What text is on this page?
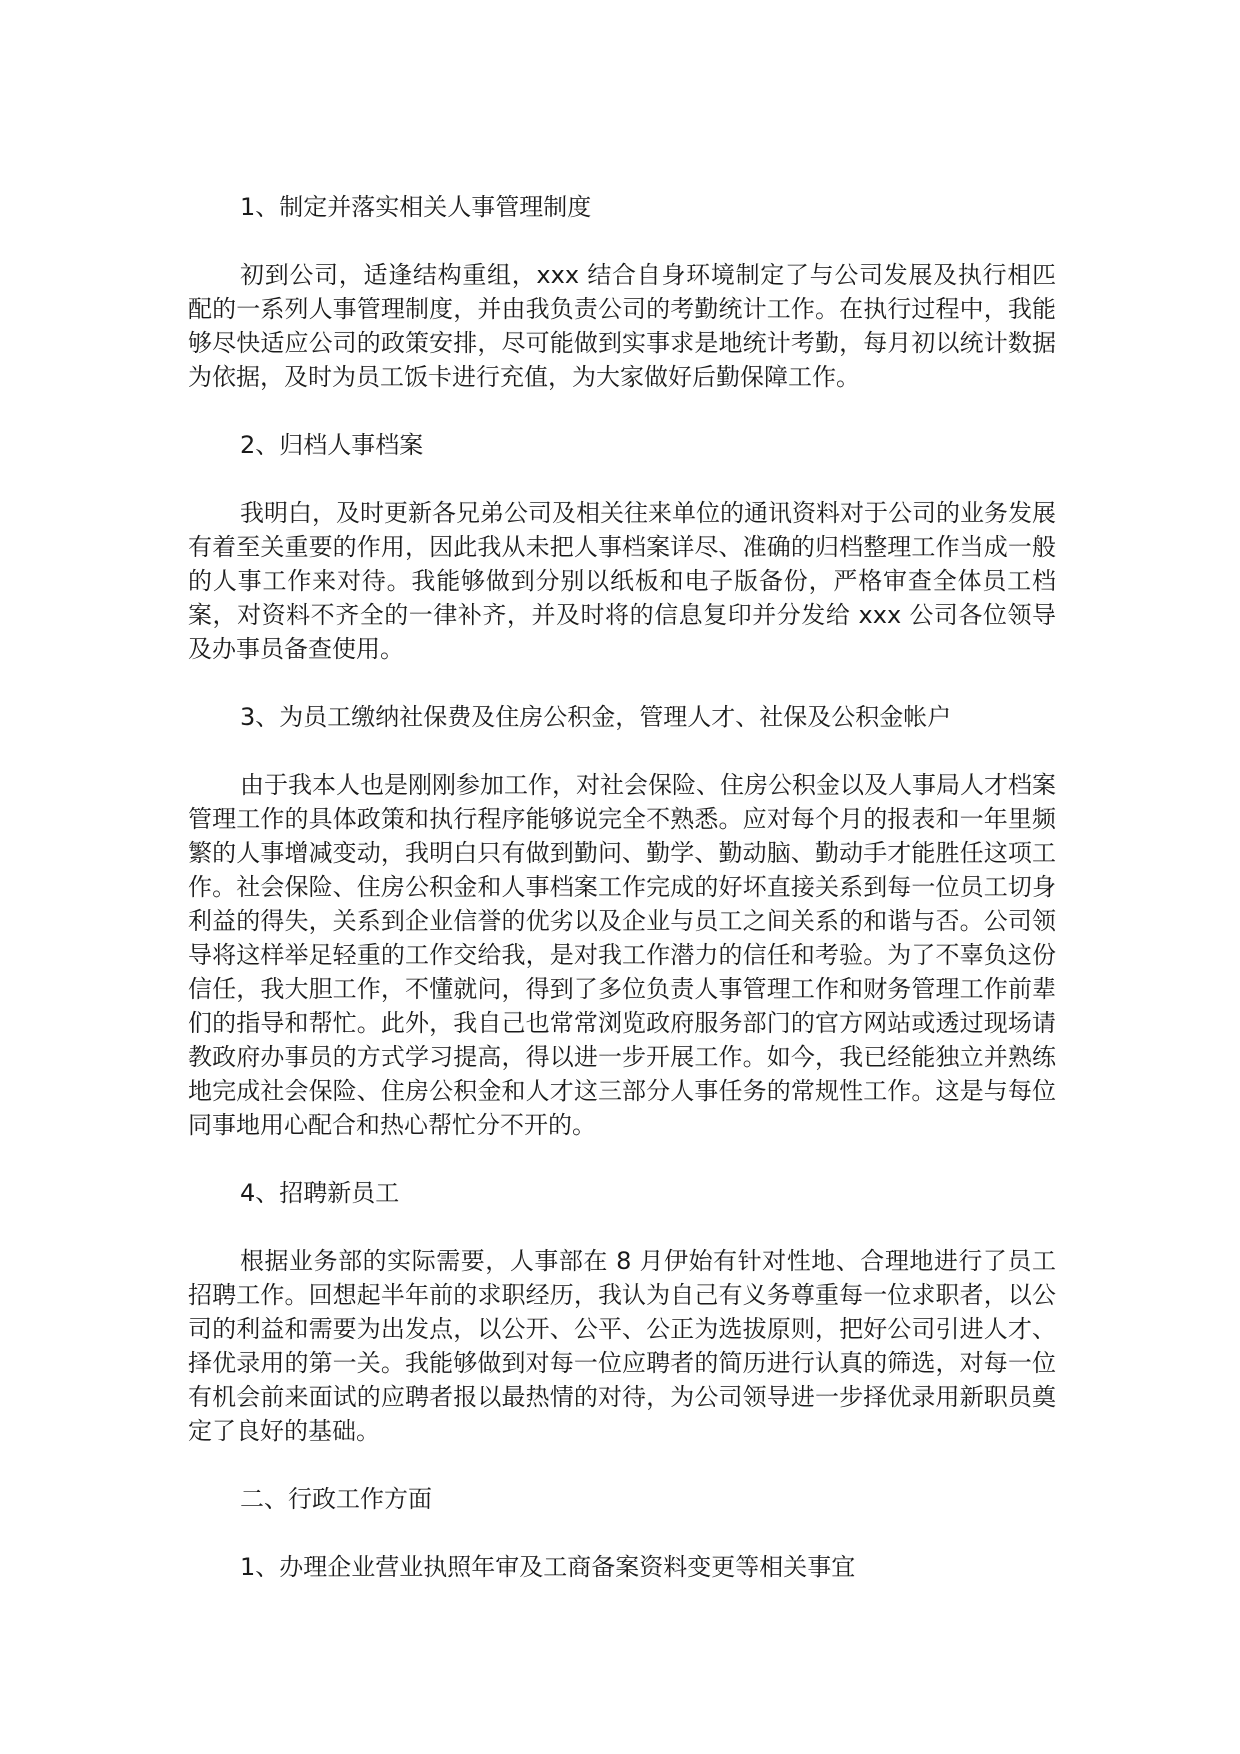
1、制定并落实相关人事管理制度

初到公司，适逢结构重组，xxx 结合自身环境制定了与公司发展及执行相匹配的一系列人事管理制度，并由我负责公司的考勤统计工作。在执行过程中，我能够尽快适应公司的政策安排，尽可能做到实事求是地统计考勤，每月初以统计数据为依据，及时为员工饭卡进行充值，为大家做好后勤保障工作。

2、归档人事档案

我明白，及时更新各兄弟公司及相关往来单位的通讯资料对于公司的业务发展有着至关重要的作用，因此我从未把人事档案详尽、准确的归档整理工作当成一般的人事工作来对待。我能够做到分别以纸板和电子版备份，严格审查全体员工档案，对资料不齐全的一律补齐，并及时将的信息复印并分发给 xxx 公司各位领导及办事员备查使用。

3、为员工缴纳社保费及住房公积金，管理人才、社保及公积金帐户

由于我本人也是刚刚参加工作，对社会保险、住房公积金以及人事局人才档案管理工作的具体政策和执行程序能够说完全不熟悉。应对每个月的报表和一年里频繁的人事增减变动，我明白只有做到勤问、勤学、勤动脑、勤动手才能胜任这项工作。社会保险、住房公积金和人事档案工作完成的好坏直接关系到每一位员工切身利益的得失，关系到企业信誉的优劣以及企业与员工之间关系的和谐与否。公司领导将这样举足轻重的工作交给我，是对我工作潜力的信任和考验。为了不辜负这份信任，我大胆工作，不懂就问，得到了多位负责人事管理工作和财务管理工作前辈们的指导和帮忙。此外，我自己也常常浏览政府服务部门的官方网站或透过现场请教政府办事员的方式学习提高，得以进一步开展工作。如今，我已经能独立并熟练地完成社会保险、住房公积金和人才这三部分人事任务的常规性工作。这是与每位同事地用心配合和热心帮忙分不开的。

4、招聘新员工

根据业务部的实际需要，人事部在 8 月伊始有针对性地、合理地进行了员工招聘工作。回想起半年前的求职经历，我认为自己有义务尊重每一位求职者，以公司的利益和需要为出发点，以公开、公平、公正为选拔原则，把好公司引进人才、择优录用的第一关。我能够做到对每一位应聘者的简历进行认真的筛选，对每一位有机会前来面试的应聘者报以最热情的对待，为公司领导进一步择优录用新职员奠定了良好的基础。

二、行政工作方面

1、办理企业营业执照年审及工商备案资料变更等相关事宜
